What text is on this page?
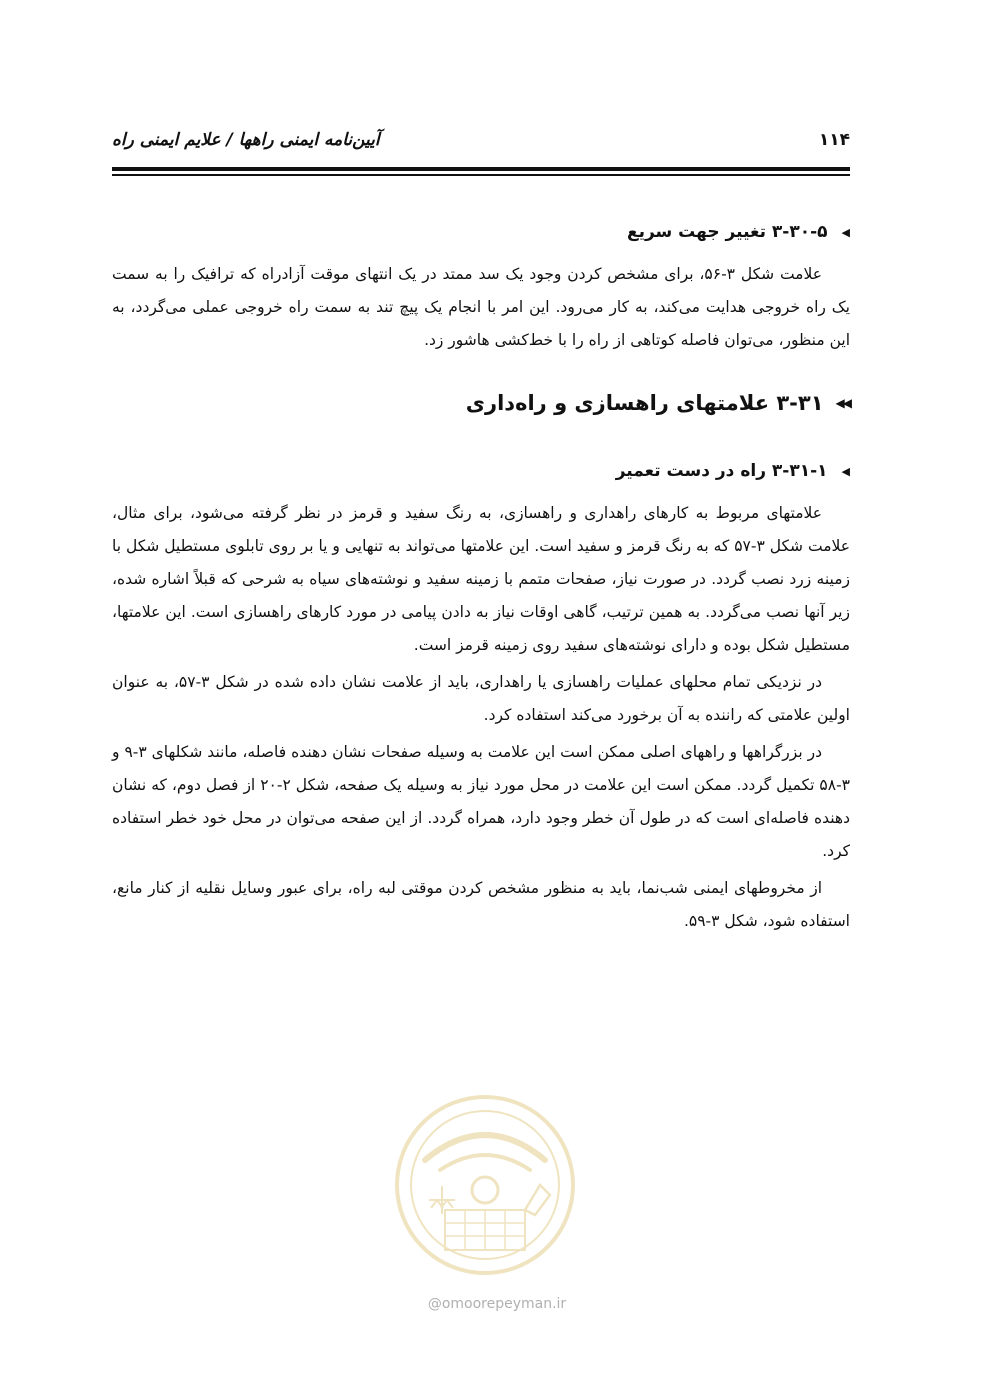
۱۱۴
آیین‌نامه ایمنی راهها / علایم ایمنی راه
◀
۳-۳۰-۵ تغییر جهت سریع

علامت شکل ۳-۵۶، برای مشخص کردن وجود یک سد ممتد در یک انتهای موقت آزادراه که ترافیک را به سمت یک راه خروجی هدایت می‌کند، به کار می‌رود. این امر با انجام یک پیچ تند به سمت راه خروجی عملی می‌گردد، به این منظور، می‌توان فاصله کوتاهی از راه را با خط‌کشی هاشور زد.

◀◀
۳-۳۱ علامتهای راهسازی و راه‌داری
◀
۳-۳۱-۱ راه در دست تعمیر

علامتهای مربوط به کارهای راهداری و راهسازی، به رنگ سفید و قرمز در نظر گرفته می‌شود، برای مثال، علامت شکل ۳-۵۷ که به رنگ قرمز و سفید است. این علامتها می‌تواند به تنهایی و یا بر روی تابلوی مستطیل شکل با زمینه زرد نصب گردد. در صورت نیاز، صفحات متمم با زمینه سفید و نوشته‌های سیاه به شرحی که قبلاً اشاره شده، زیر آنها نصب می‌گردد. به همین ترتیب، گاهی اوقات نیاز به دادن پیامی در مورد کارهای راهسازی است. این علامتها، مستطیل شکل بوده و دارای نوشته‌های سفید روی زمینه قرمز است.

در نزدیکی تمام محلهای عملیات راهسازی یا راهداری، باید از علامت نشان داده شده در شکل ۳-۵۷، به عنوان اولین علامتی که راننده به آن برخورد می‌کند استفاده کرد.

در بزرگراهها و راههای اصلی ممکن است این علامت به وسیله صفحات نشان دهنده فاصله، مانند شکلهای ۳-۹ و ۳-۵۸ تکمیل گردد. ممکن است این علامت در محل مورد نیاز به وسیله یک صفحه، شکل ۲-۲۰ از فصل دوم، که نشان دهنده فاصله‌ای است که در طول آن خطر وجود دارد، همراه گردد. از این صفحه می‌توان در محل خود خطر استفاده کرد.

از مخروطهای ایمنی شب‌نما، باید به منظور مشخص کردن موقتی لبه راه، برای عبور وسایل نقلیه از کنار مانع، استفاده شود، شکل ۳-۵۹.

@omoorepeyman.ir
